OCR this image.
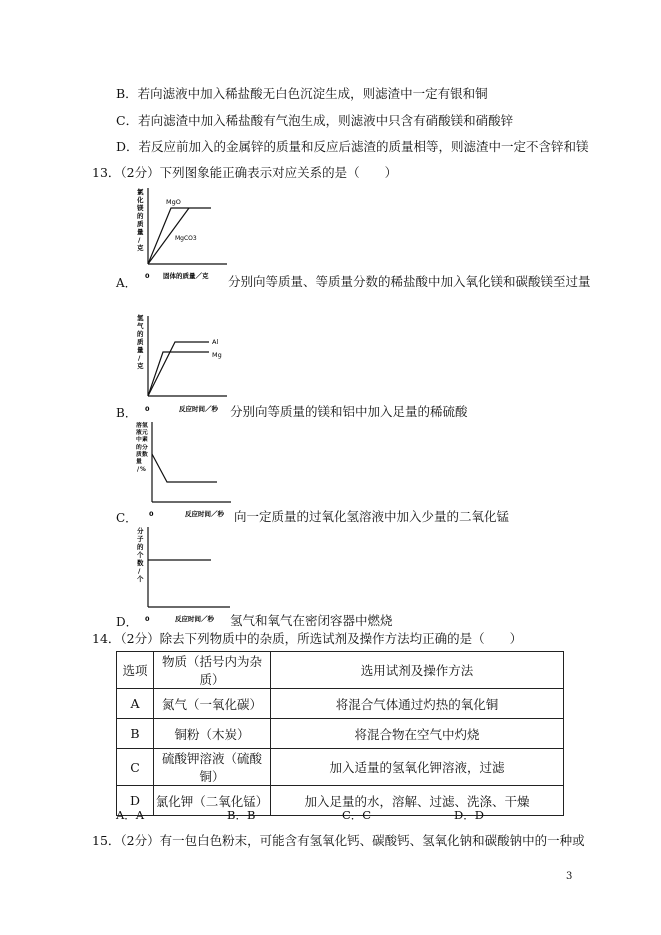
B．若向滤液中加入稀盐酸无白色沉淀生成，则滤渣中一定有银和铜
C．若向滤渣中加入稀盐酸有气泡生成，则滤液中只含有硝酸镁和硝酸锌
D．若反应前加入的金属锌的质量和反应后滤渣的质量相等，则滤渣中一定不含锌和镁
13．（2分）下列图象能正确表示对应关系的是（　　）
A．
氯
化
镁
的
质
量
/
克
MgO
MgCO3
0 固体的质量／克 分别向等质量、等质量分数的稀盐酸中加入氧化镁和碳酸镁至过量
B．
氢
气
的
质
量
/
克
Al
Mg
0	反应时间／秒 分别向等质量的镁和铝中加入足量的稀硫酸
C．
溶 氢
液 元
中 素
的 分
质 数
量
/ %
0	反应时间／秒 向一定质量的过氧化氢溶液中加入少量的二氧化锰
D．
分
子
的
个
数
/
个
0	反应时间／秒 氢气和氧气在密闭容器中燃烧
14．（2分）除去下列物质中的杂质，所选试剂及操作方法均正确的是（　　）
选项	物质（括号内为杂质）	选用试剂及操作方法
A	氮气（一氧化碳）	将混合气体通过灼热的氧化铜
B	铜粉（木炭）	将混合物在空气中灼烧
C	硫酸钾溶液（硫酸铜）	加入适量的氢氧化钾溶液，过滤
D	氯化钾（二氧化锰）	加入足量的水，溶解、过滤、洗涤、干燥
A．A	B．B	C．C	D．D
15．（2分）有一包白色粉末，可能含有氢氧化钙、碳酸钙、氢氧化钠和碳酸钠中的一种或
3
